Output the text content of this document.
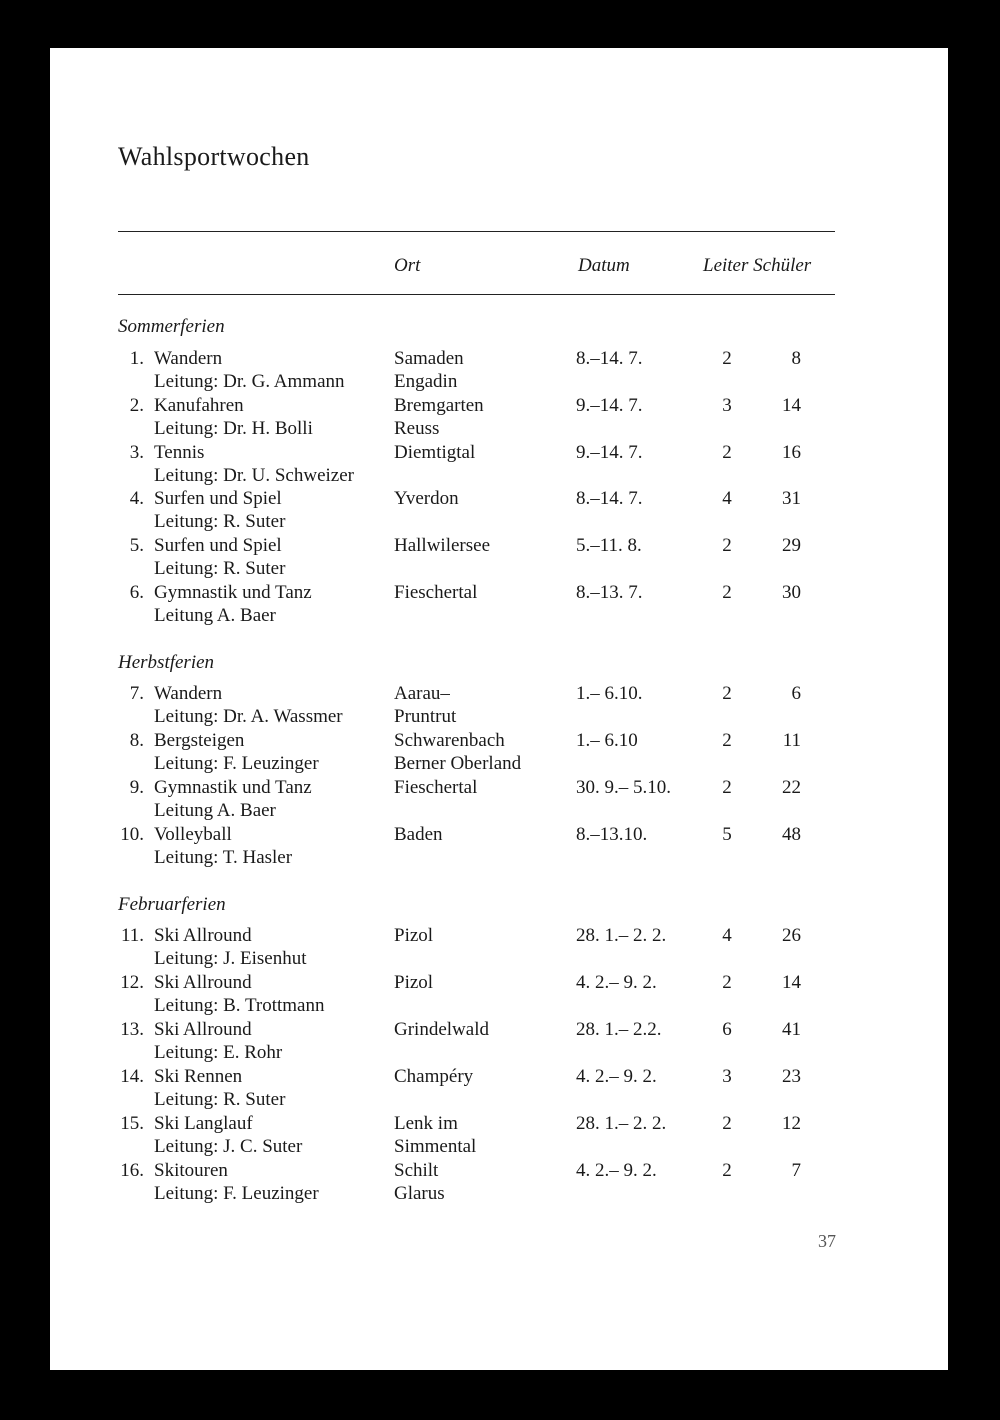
Wahlsportwochen
Ort	Datum	Leiter Schüler
Sommerferien
Herbstferien
Februarferien
1. Wandern
Leitung: Dr. G. Ammann
Samaden
Engadin
8.–14. 7.	2	8
2. Kanufahren
Leitung: Dr. H. Bolli
Bremgarten
Reuss
9.–14. 7.	3	14
3. Tennis
Leitung: Dr. U. Schweizer
Diemtigtal	9.–14. 7.	2	16
4. Surfen und Spiel
Leitung: R. Suter
Yverdon	8.–14. 7.	4	31
5. Surfen und Spiel
Leitung: R. Suter
Hallwilersee	5.–11. 8.	2	29
6. Gymnastik und Tanz
Leitung A. Baer
Fieschertal	8.–13. 7.	2	30
7. Wandern
Leitung: Dr. A. Wassmer
Aarau–
Pruntrut
1.– 6.10.	2	6
8. Bergsteigen
Leitung: F. Leuzinger
Schwarenbach
Berner Oberland
1.– 6.10	2	11
9. Gymnastik und Tanz
Leitung A. Baer
Fieschertal	30. 9.– 5.10.	2	22
10. Volleyball
Leitung: T. Hasler
Baden	8.–13.10.	5	48
11. Ski Allround
Leitung: J. Eisenhut
Pizol	28. 1.– 2. 2.	4	26
12. Ski Allround
Leitung: B. Trottmann
Pizol	4. 2.– 9. 2.	2	14
13. Ski Allround
Leitung: E. Rohr
Grindelwald	28. 1.– 2.2.	6	41
14. Ski Rennen
Leitung: R. Suter
Champéry	4. 2.– 9. 2.	3	23
15. Ski Langlauf
Leitung: J. C. Suter
Lenk im
Simmental
28. 1.– 2. 2.	2	12
16. Skitouren
Leitung: F. Leuzinger
Schilt
Glarus
4. 2.– 9. 2.	2	7
37
